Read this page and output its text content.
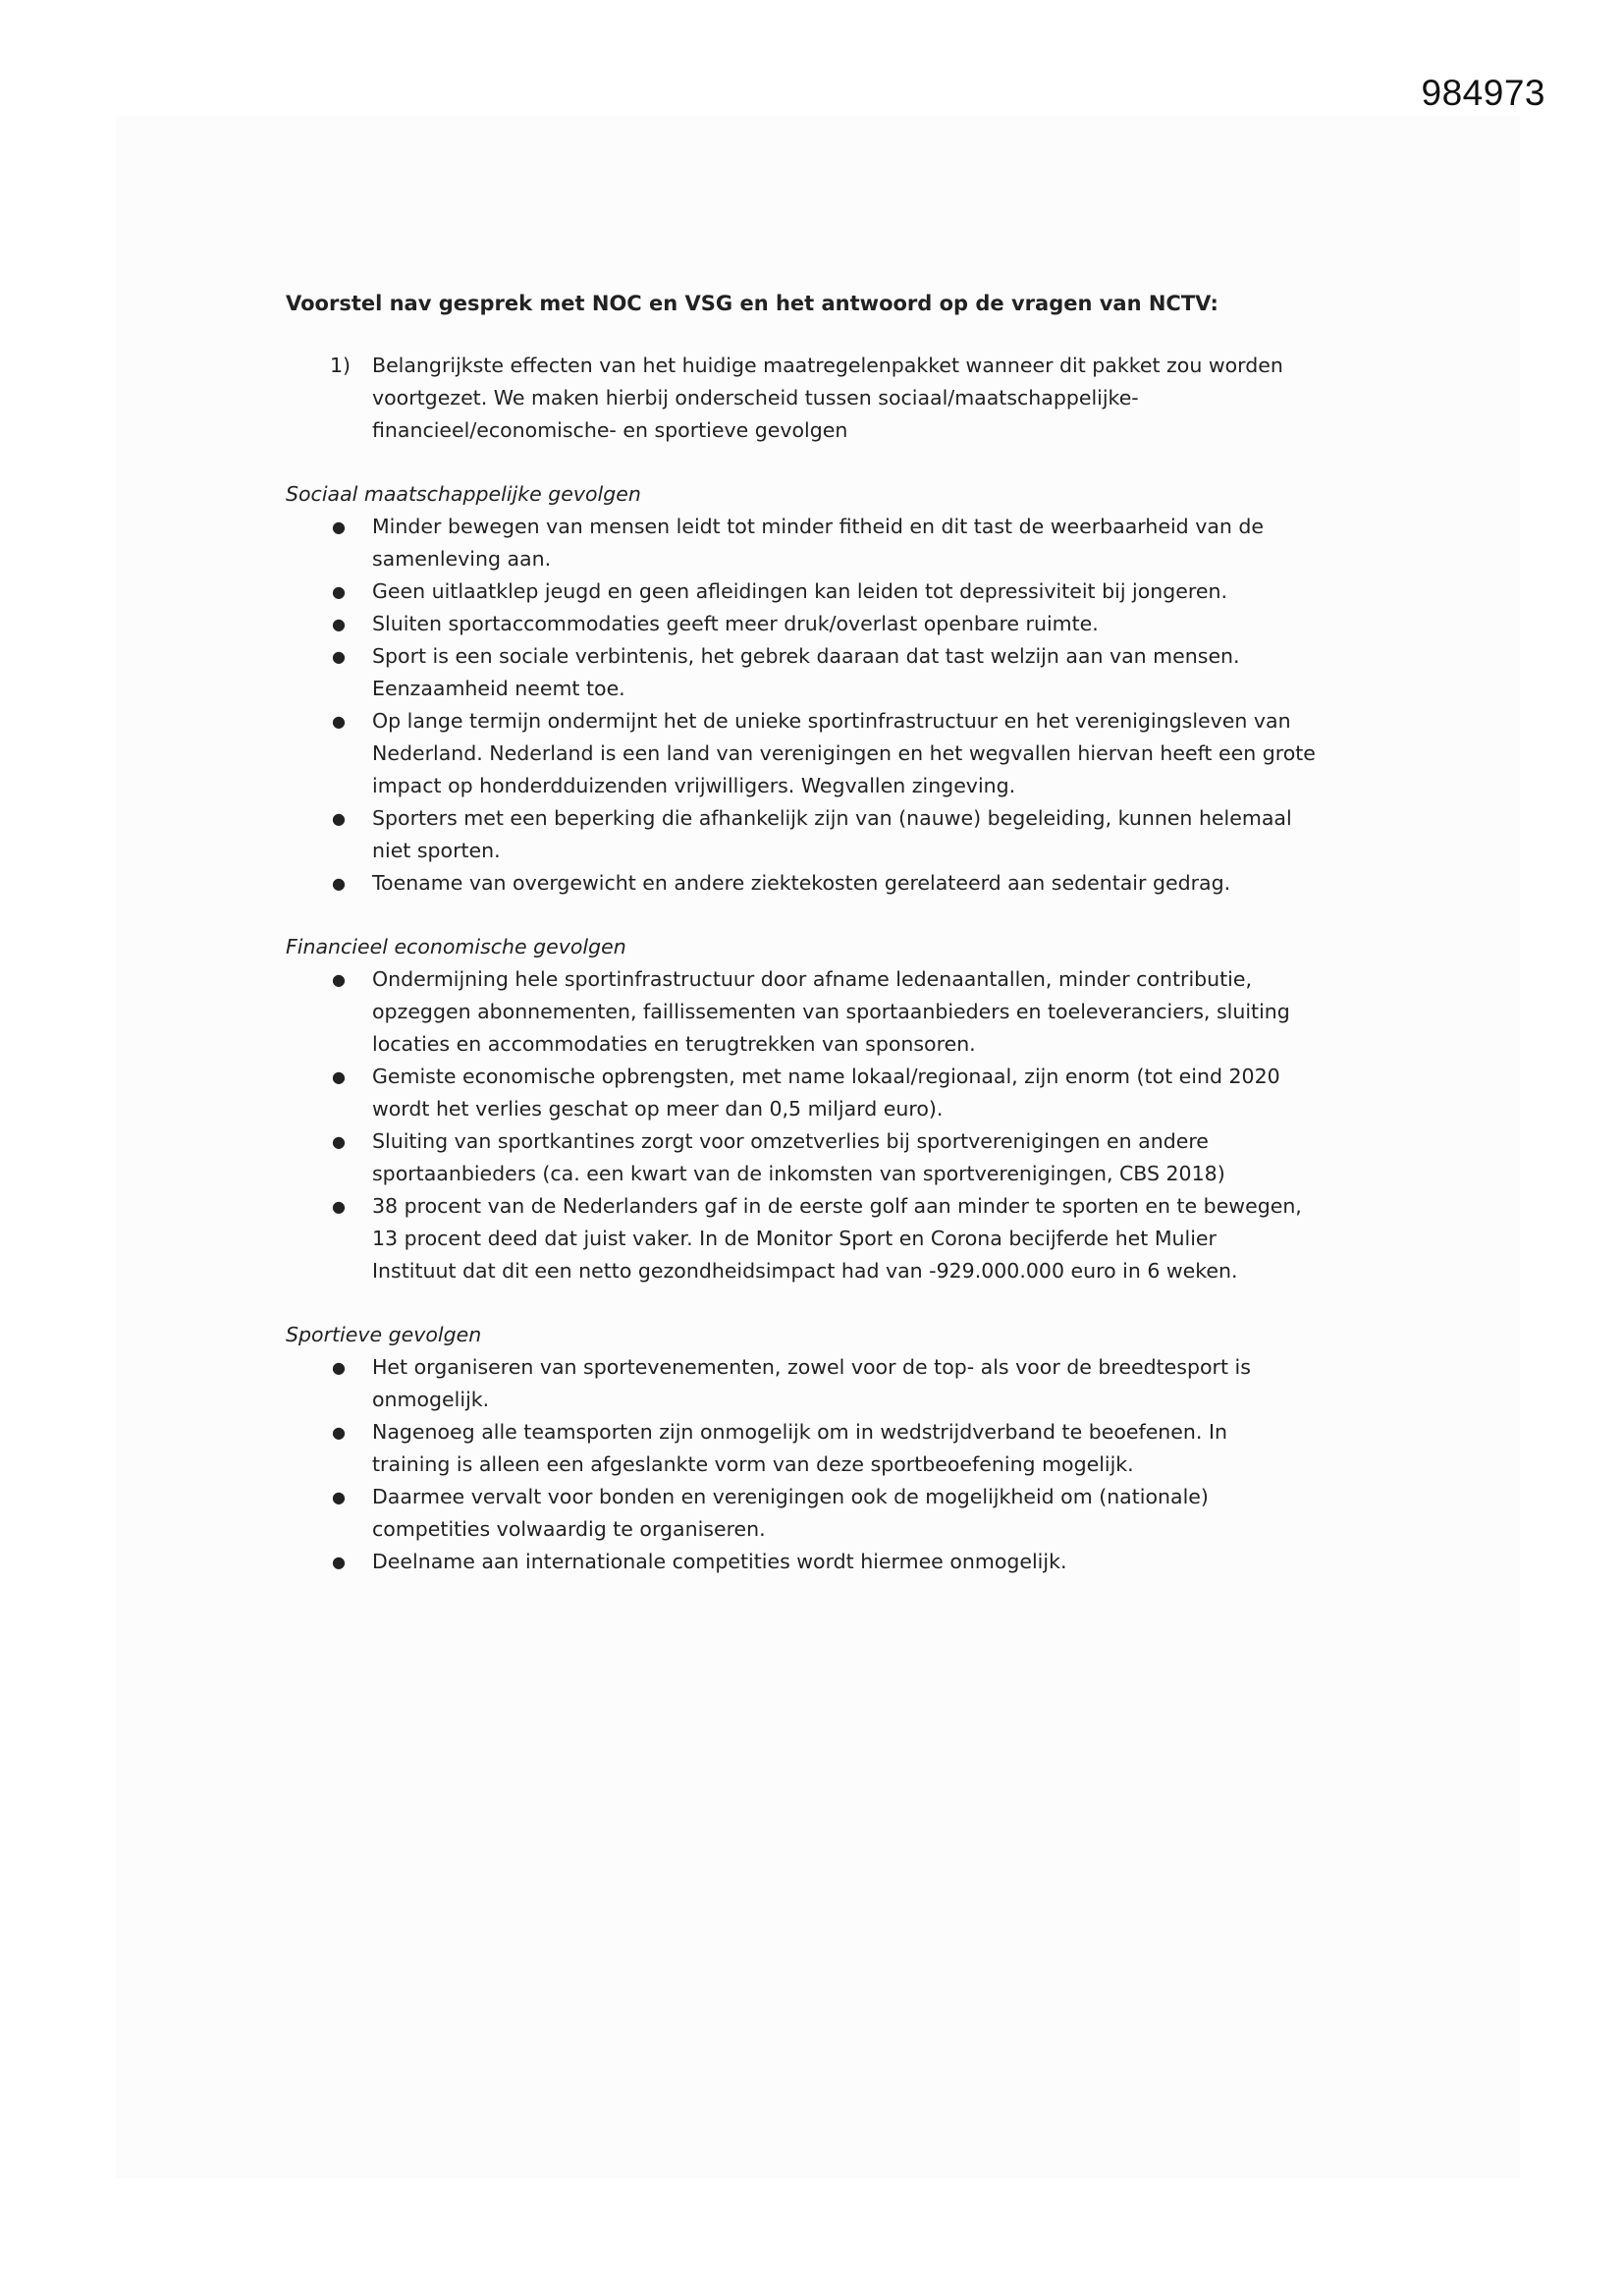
984973

Voorstel nav gesprek met NOC en VSG en het antwoord op de vragen van NCTV:

1) Belangrijkste effecten van het huidige maatregelenpakket wanneer dit pakket zou worden
voortgezet. We maken hierbij onderscheid tussen sociaal/maatschappelijke-
financieel/economische- en sportieve gevolgen

Sociaal maatschappelijke gevolgen

● Minder bewegen van mensen leidt tot minder fitheid en dit tast de weerbaarheid van de
samenleving aan.
● Geen uitlaatklep jeugd en geen afleidingen kan leiden tot depressiviteit bij jongeren.
● Sluiten sportaccommodaties geeft meer druk/overlast openbare ruimte.
● Sport is een sociale verbintenis, het gebrek daaraan dat tast welzijn aan van mensen.
Eenzaamheid neemt toe.
● Op lange termijn ondermijnt het de unieke sportinfrastructuur en het verenigingsleven van
Nederland. Nederland is een land van verenigingen en het wegvallen hiervan heeft een grote
impact op honderdduizenden vrijwilligers. Wegvallen zingeving.
● Sporters met een beperking die afhankelijk zijn van (nauwe) begeleiding, kunnen helemaal
niet sporten.
● Toename van overgewicht en andere ziektekosten gerelateerd aan sedentair gedrag.

Financieel economische gevolgen

● Ondermijning hele sportinfrastructuur door afname ledenaantallen, minder contributie,
opzeggen abonnementen, faillissementen van sportaanbieders en toeleveranciers, sluiting
locaties en accommodaties en terugtrekken van sponsoren.
● Gemiste economische opbrengsten, met name lokaal/regionaal, zijn enorm (tot eind 2020
wordt het verlies geschat op meer dan 0,5 miljard euro).
● Sluiting van sportkantines zorgt voor omzetverlies bij sportverenigingen en andere
sportaanbieders (ca. een kwart van de inkomsten van sportverenigingen, CBS 2018)
● 38 procent van de Nederlanders gaf in de eerste golf aan minder te sporten en te bewegen,
13 procent deed dat juist vaker. In de Monitor Sport en Corona becijferde het Mulier
Instituut dat dit een netto gezondheidsimpact had van -929.000.000 euro in 6 weken.

Sportieve gevolgen

● Het organiseren van sportevenementen, zowel voor de top- als voor de breedtesport is
onmogelijk.
● Nagenoeg alle teamsporten zijn onmogelijk om in wedstrijdverband te beoefenen. In
training is alleen een afgeslankte vorm van deze sportbeoefening mogelijk.
● Daarmee vervalt voor bonden en verenigingen ook de mogelijkheid om (nationale)
competities volwaardig te organiseren.
● Deelname aan internationale competities wordt hiermee onmogelijk.
